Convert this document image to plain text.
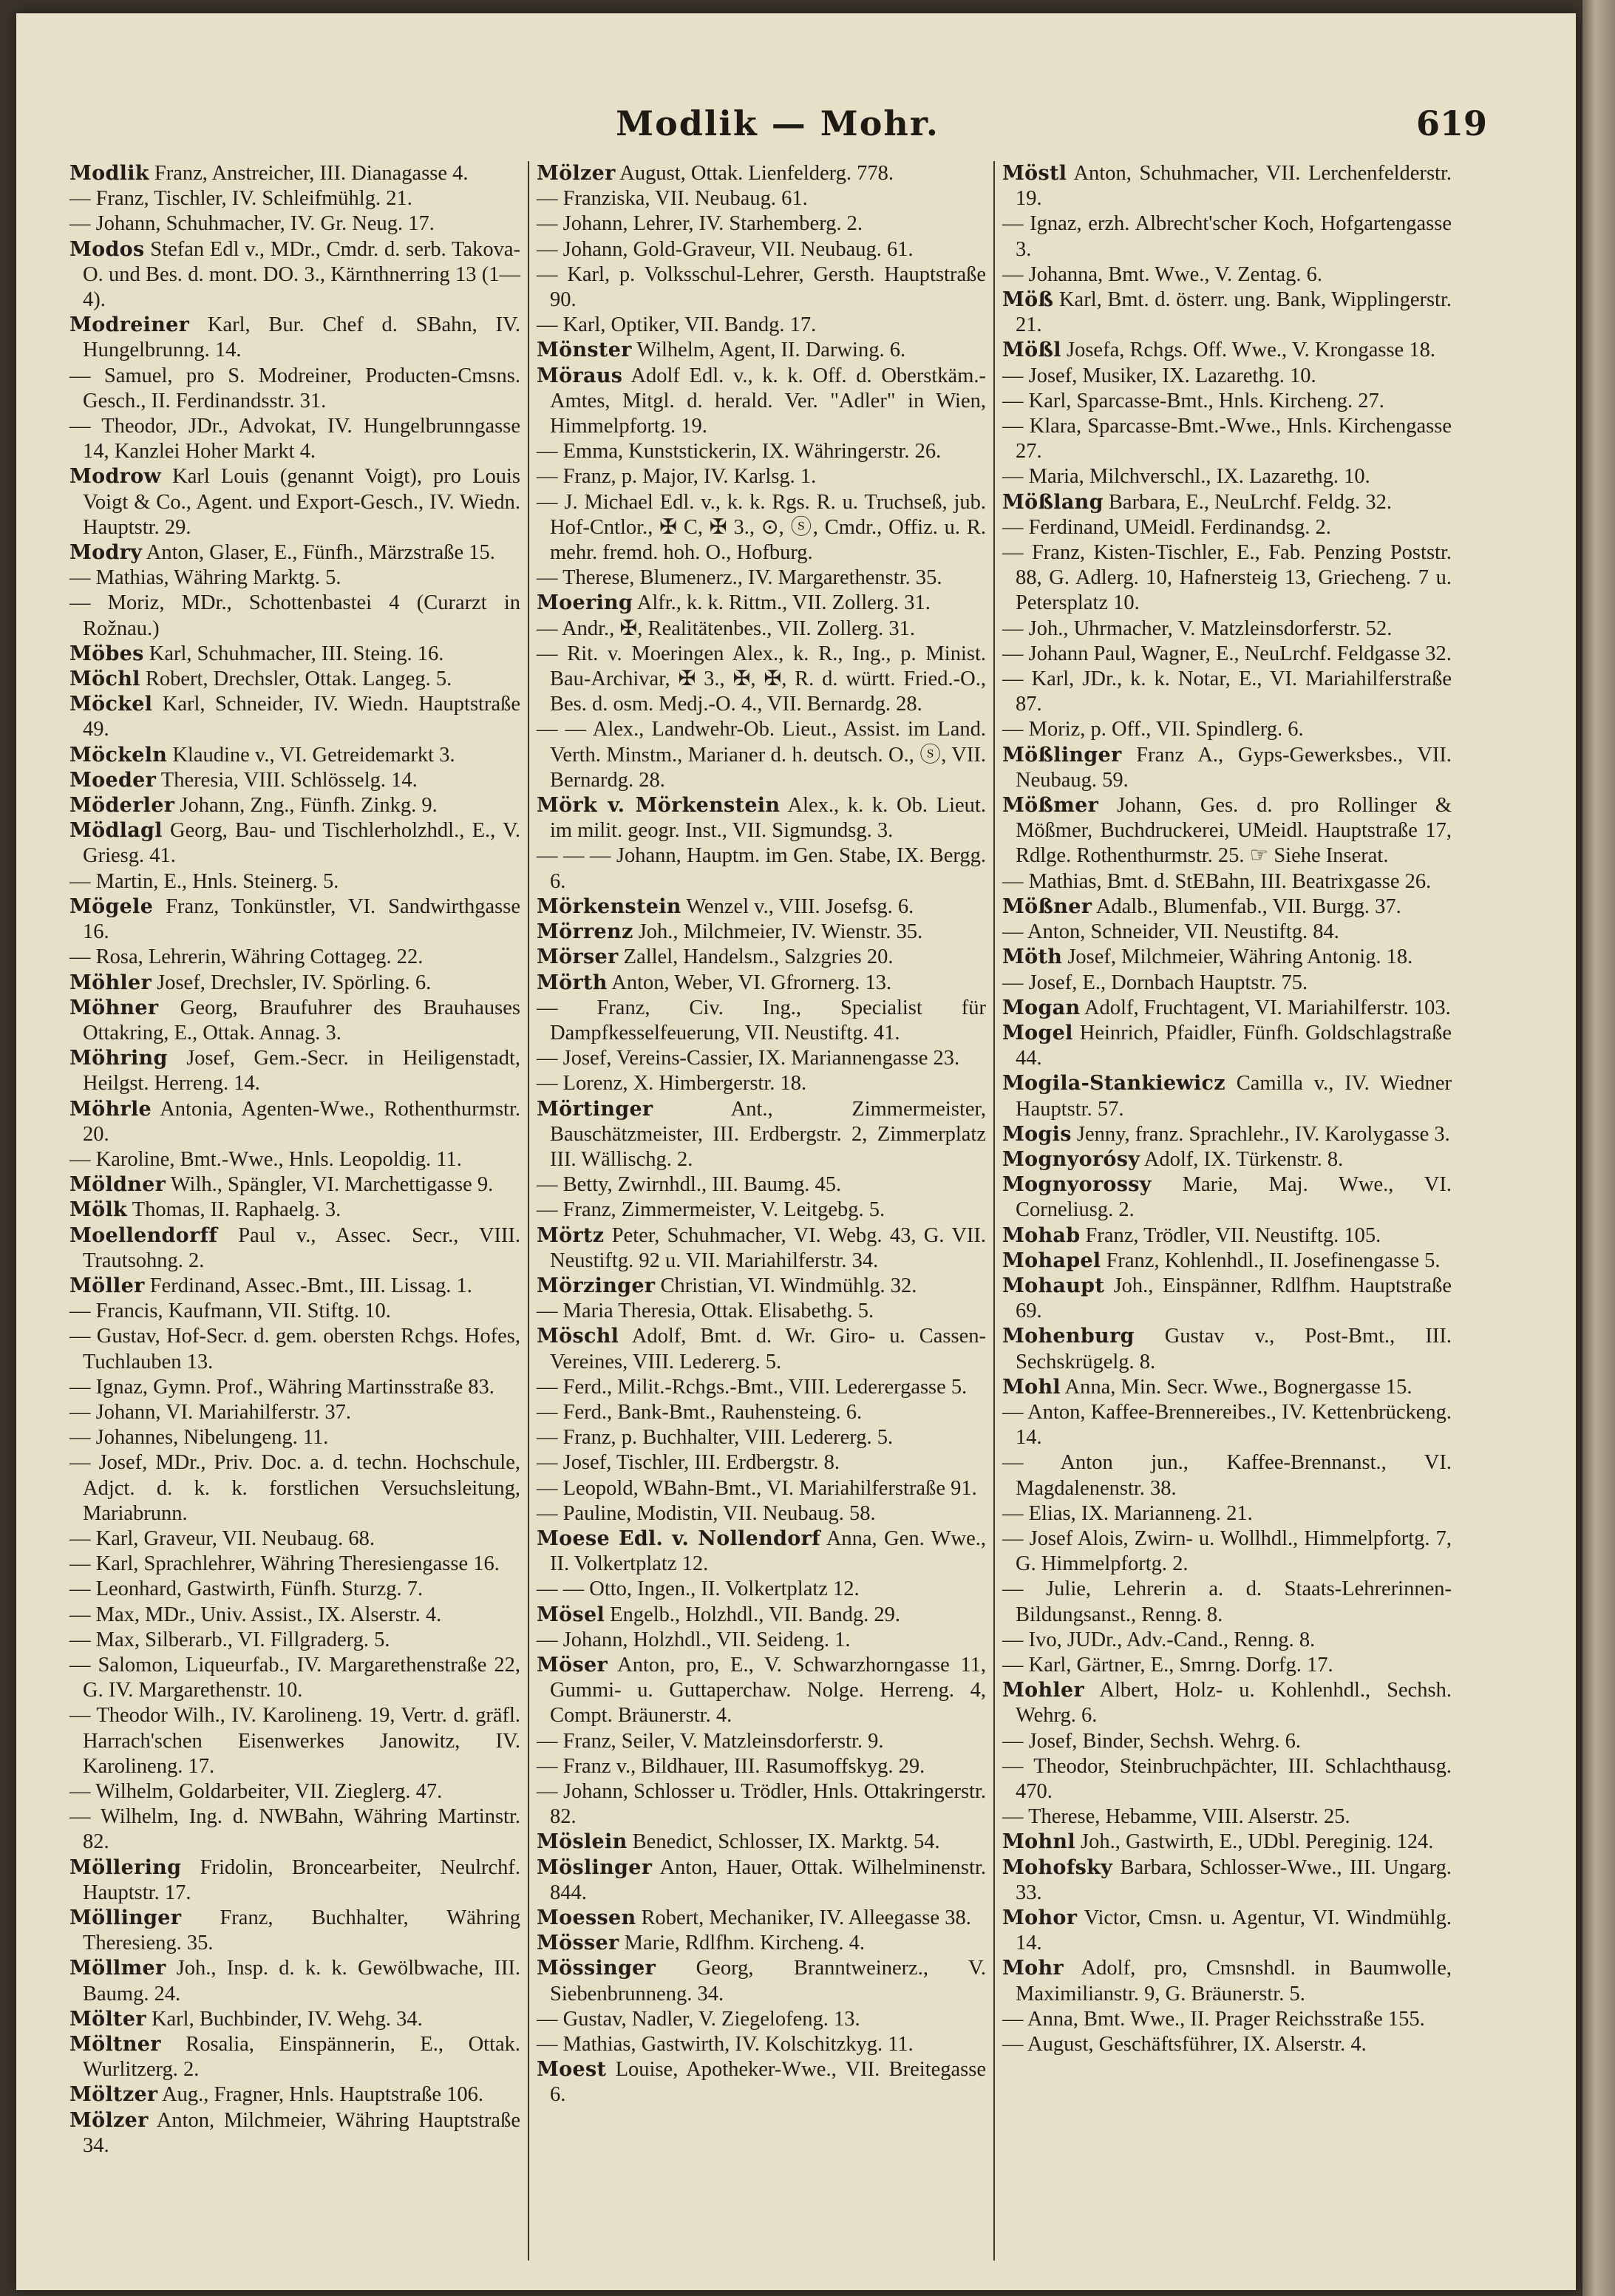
Modlik — Mohr.	619

Modlik Franz, Anstreicher, III. Dianagasse 4.

— Franz, Tischler, IV. Schleifmühlg. 21.

— Johann, Schuhmacher, IV. Gr. Neug. 17.

Modos Stefan Edl v., MDr., Cmdr. d. serb. Takova-O. und Bes. d. mont. DO. 3., Kärnthnerring 13 (1—4).

Modreiner Karl, Bur. Chef d. SBahn, IV. Hungelbrunng. 14.

— Samuel, pro S. Modreiner, Producten-Cmsns. Gesch., II. Ferdinandsstr. 31.

— Theodor, JDr., Advokat, IV. Hungelbrunngasse 14, Kanzlei Hoher Markt 4.

Modrow Karl Louis (genannt Voigt), pro Louis Voigt & Co., Agent. und Export-Gesch., IV. Wiedn. Hauptstr. 29.

Modry Anton, Glaser, E., Fünfh., Märzstraße 15.

— Mathias, Währing Marktg. 5.

— Moriz, MDr., Schottenbastei 4 (Curarzt in Rožnau.)

Möbes Karl, Schuhmacher, III. Steing. 16.

Möchl Robert, Drechsler, Ottak. Langeg. 5.

Möckel Karl, Schneider, IV. Wiedn. Hauptstraße 49.

Möckeln Klaudine v., VI. Getreidemarkt 3.

Moeder Theresia, VIII. Schlösselg. 14.

Möderler Johann, Zng., Fünfh. Zinkg. 9.

Mödlagl Georg, Bau- und Tischlerholzhdl., E., V. Griesg. 41.

— Martin, E., Hnls. Steinerg. 5.

Mögele Franz, Tonkünstler, VI. Sandwirthgasse 16.

— Rosa, Lehrerin, Währing Cottageg. 22.

Möhler Josef, Drechsler, IV. Spörling. 6.

Möhner Georg, Braufuhrer des Brauhauses Ottakring, E., Ottak. Annag. 3.

Möhring Josef, Gem.-Secr. in Heiligenstadt, Heilgst. Herreng. 14.

Möhrle Antonia, Agenten-Wwe., Rothenthurmstr. 20.

— Karoline, Bmt.-Wwe., Hnls. Leopoldig. 11.

Möldner Wilh., Spängler, VI. Marchettigasse 9.

Mölk Thomas, II. Raphaelg. 3.

Moellendorff Paul v., Assec. Secr., VIII. Trautsohng. 2.

Möller Ferdinand, Assec.-Bmt., III. Lissag. 1.

— Francis, Kaufmann, VII. Stiftg. 10.

— Gustav, Hof-Secr. d. gem. obersten Rchgs. Hofes, Tuchlauben 13.

— Ignaz, Gymn. Prof., Währing Martinsstraße 83.

— Johann, VI. Mariahilferstr. 37.

— Johannes, Nibelungeng. 11.

— Josef, MDr., Priv. Doc. a. d. techn. Hochschule, Adjct. d. k. k. forstlichen Versuchsleitung, Mariabrunn.

— Karl, Graveur, VII. Neubaug. 68.

— Karl, Sprachlehrer, Währing Theresiengasse 16.

— Leonhard, Gastwirth, Fünfh. Sturzg. 7.

— Max, MDr., Univ. Assist., IX. Alserstr. 4.

— Max, Silberarb., VI. Fillgraderg. 5.

— Salomon, Liqueurfab., IV. Margarethenstraße 22, G. IV. Margarethenstr. 10.

— Theodor Wilh., IV. Karolineng. 19, Vertr. d. gräfl. Harrach'schen Eisenwerkes Janowitz, IV. Karolineng. 17.

— Wilhelm, Goldarbeiter, VII. Zieglerg. 47.

— Wilhelm, Ing. d. NWBahn, Währing Martinstr. 82.

Möllering Fridolin, Broncearbeiter, Neulrchf. Hauptstr. 17.

Möllinger Franz, Buchhalter, Währing Theresieng. 35.

Möllmer Joh., Insp. d. k. k. Gewölbwache, III. Baumg. 24.

Mölter Karl, Buchbinder, IV. Wehg. 34.

Möltner Rosalia, Einspännerin, E., Ottak. Wurlitzerg. 2.

Möltzer Aug., Fragner, Hnls. Hauptstraße 106.

Mölzer Anton, Milchmeier, Währing Hauptstraße 34.

Mölzer August, Ottak. Lienfelderg. 778.

— Franziska, VII. Neubaug. 61.

— Johann, Lehrer, IV. Starhemberg. 2.

— Johann, Gold-Graveur, VII. Neubaug. 61.

— Karl, p. Volksschul-Lehrer, Gersth. Hauptstraße 90.

— Karl, Optiker, VII. Bandg. 17.

Mönster Wilhelm, Agent, II. Darwing. 6.

Möraus Adolf Edl. v., k. k. Off. d. Oberstkäm.-Amtes, Mitgl. d. herald. Ver. "Adler" in Wien, Himmelpfortg. 19.

— Emma, Kunststickerin, IX. Währingerstr. 26.

— Franz, p. Major, IV. Karlsg. 1.

— J. Michael Edl. v., k. k. Rgs. R. u. Truchseß, jub. Hof-Cntlor., ✠ C, ✠ 3., ⊙, ⓢ, Cmdr., Offiz. u. R. mehr. fremd. hoh. O., Hofburg.

— Therese, Blumenerz., IV. Margarethenstr. 35.

Moering Alfr., k. k. Rittm., VII. Zollerg. 31.

— Andr., ✠, Realitätenbes., VII. Zollerg. 31.

— Rit. v. Moeringen Alex., k. R., Ing., p. Minist. Bau-Archivar, ✠ 3., ✠, ✠, R. d. württ. Fried.-O., Bes. d. osm. Medj.-O. 4., VII. Bernardg. 28.

— — Alex., Landwehr-Ob. Lieut., Assist. im Land. Verth. Minstm., Marianer d. h. deutsch. O., ⓢ, VII. Bernardg. 28.

Mörk v. Mörkenstein Alex., k. k. Ob. Lieut. im milit. geogr. Inst., VII. Sigmundsg. 3.

— — — Johann, Hauptm. im Gen. Stabe, IX. Bergg. 6.

Mörkenstein Wenzel v., VIII. Josefsg. 6.

Mörrenz Joh., Milchmeier, IV. Wienstr. 35.

Mörser Zallel, Handelsm., Salzgries 20.

Mörth Anton, Weber, VI. Gfrornerg. 13.

— Franz, Civ. Ing., Specialist für Dampfkesselfeuerung, VII. Neustiftg. 41.

— Josef, Vereins-Cassier, IX. Mariannengasse 23.

— Lorenz, X. Himbergerstr. 18.

Mörtinger	Ant., Zimmermeister, Bauschätzmeister, III. Erdbergstr. 2, Zimmerplatz III. Wällischg. 2.

— Betty, Zwirnhdl., III. Baumg. 45.

— Franz, Zimmermeister, V. Leitgebg. 5.

Mörtz Peter, Schuhmacher, VI. Webg. 43, G. VII. Neustiftg. 92 u. VII. Mariahilferstr. 34.

Mörzinger Christian, VI. Windmühlg. 32.

— Maria Theresia, Ottak. Elisabethg. 5.

Möschl Adolf, Bmt. d. Wr. Giro- u. Cassen-Vereines, VIII. Ledererg. 5.

— Ferd., Milit.-Rchgs.-Bmt., VIII. Lederergasse 5.

— Ferd., Bank-Bmt., Rauhensteing. 6.

— Franz, p. Buchhalter, VIII. Ledererg. 5.

— Josef, Tischler, III. Erdbergstr. 8.

— Leopold, WBahn-Bmt., VI. Mariahilferstraße 91.

— Pauline, Modistin, VII. Neubaug. 58.

Moese Edl. v. Nollendorf Anna, Gen. Wwe., II. Volkertplatz 12.

— — Otto, Ingen., II. Volkertplatz 12.

Mösel Engelb., Holzhdl., VII. Bandg. 29.

— Johann, Holzhdl., VII. Seideng. 1.

Möser Anton, pro, E., V. Schwarzhorngasse 11, Gummi- u. Guttaperchaw. Nolge. Herreng. 4, Compt. Bräunerstr. 4.

— Franz, Seiler, V. Matzleinsdorferstr. 9.

— Franz v., Bildhauer, III. Rasumoffskyg. 29.

— Johann, Schlosser u. Trödler, Hnls. Ottakringerstr. 82.

Möslein Benedict, Schlosser, IX. Marktg. 54.

Möslinger Anton, Hauer, Ottak. Wilhelminenstr. 844.

Moessen Robert, Mechaniker, IV. Alleegasse 38.

Mösser Marie, Rdlfhm. Kircheng. 4.

Mössinger Georg, Branntweinerz., V. Siebenbrunneng. 34.

— Gustav, Nadler, V. Ziegelofeng. 13.

— Mathias, Gastwirth, IV. Kolschitzkyg. 11.

Moest Louise, Apotheker-Wwe., VII. Breitegasse 6.

Möstl Anton, Schuhmacher, VII. Lerchenfelderstr. 19.

— Ignaz, erzh. Albrecht'scher Koch, Hofgartengasse 3.

— Johanna, Bmt. Wwe., V. Zentag. 6.

Möß Karl, Bmt. d. österr. ung. Bank, Wipplingerstr. 21.

Mößl Josefa, Rchgs. Off. Wwe., V. Krongasse 18.

— Josef, Musiker, IX. Lazarethg. 10.

— Karl, Sparcasse-Bmt., Hnls. Kircheng. 27.

— Klara, Sparcasse-Bmt.-Wwe., Hnls. Kirchengasse 27.

— Maria, Milchverschl., IX. Lazarethg. 10.

Mößlang Barbara, E., NeuLrchf. Feldg. 32.

— Ferdinand, UMeidl. Ferdinandsg. 2.

— Franz, Kisten-Tischler, E., Fab. Penzing Poststr. 88, G. Adlerg. 10, Hafnersteig 13, Griecheng. 7 u. Petersplatz 10.

— Joh., Uhrmacher, V. Matzleinsdorferstr. 52.

— Johann Paul, Wagner, E., NeuLrchf. Feldgasse 32.

— Karl, JDr., k. k. Notar, E., VI. Mariahilferstraße 87.

— Moriz, p. Off., VII. Spindlerg. 6.

Mößlinger Franz A., Gyps-Gewerksbes., VII. Neubaug. 59.

Mößmer Johann, Ges. d. pro Rollinger & Mößmer, Buchdruckerei, UMeidl. Hauptstraße 17, Rdlge. Rothenthurmstr. 25. ☞ Siehe Inserat.

— Mathias, Bmt. d. StEBahn, III. Beatrixgasse 26.

Mößner Adalb., Blumenfab., VII. Burgg. 37.

— Anton, Schneider, VII. Neustiftg. 84.

Möth Josef, Milchmeier, Währing Antonig. 18.

— Josef, E., Dornbach Hauptstr. 75.

Mogan Adolf, Fruchtagent, VI. Mariahilferstr. 103.

Mogel Heinrich, Pfaidler, Fünfh. Goldschlagstraße 44.

Mogila-Stankiewicz Camilla v., IV. Wiedner Hauptstr. 57.

Mogis Jenny, franz. Sprachlehr., IV. Karolygasse 3.

Mognyorósy Adolf, IX. Türkenstr. 8.

Mognyorossy Marie, Maj. Wwe., VI. Corneliusg. 2.

Mohab Franz, Trödler, VII. Neustiftg. 105.

Mohapel Franz, Kohlenhdl., II. Josefinengasse 5.

Mohaupt Joh., Einspänner, Rdlfhm. Hauptstraße 69.

Mohenburg Gustav v., Post-Bmt., III. Sechskrügelg. 8.

Mohl Anna, Min. Secr. Wwe., Bognergasse 15.

— Anton, Kaffee-Brennereibes., IV. Kettenbrückeng. 14.

— Anton jun., Kaffee-Brennanst., VI. Magdalenenstr. 38.

— Elias, IX. Marianneng. 21.

— Josef Alois, Zwirn- u. Wollhdl., Himmelpfortg. 7, G. Himmelpfortg. 2.

— Julie, Lehrerin a. d. Staats-Lehrerinnen-Bildungsanst., Renng. 8.

— Ivo, JUDr., Adv.-Cand., Renng. 8.

— Karl, Gärtner, E., Smrng. Dorfg. 17.

Mohler Albert, Holz- u. Kohlenhdl., Sechsh. Wehrg. 6.

— Josef, Binder, Sechsh. Wehrg. 6.

— Theodor, Steinbruchpächter, III. Schlachthausg. 470.

— Therese, Hebamme, VIII. Alserstr. 25.

Mohnl Joh., Gastwirth, E., UDbl. Pereginig. 124.

Mohofsky Barbara, Schlosser-Wwe., III. Ungarg. 33.

Mohor Victor, Cmsn. u. Agentur, VI. Windmühlg. 14.

Mohr Adolf, pro, Cmsnshdl. in Baumwolle, Maximilianstr. 9, G. Bräunerstr. 5.

— Anna, Bmt. Wwe., II. Prager Reichsstraße 155.

— August, Geschäftsführer, IX. Alserstr. 4.
